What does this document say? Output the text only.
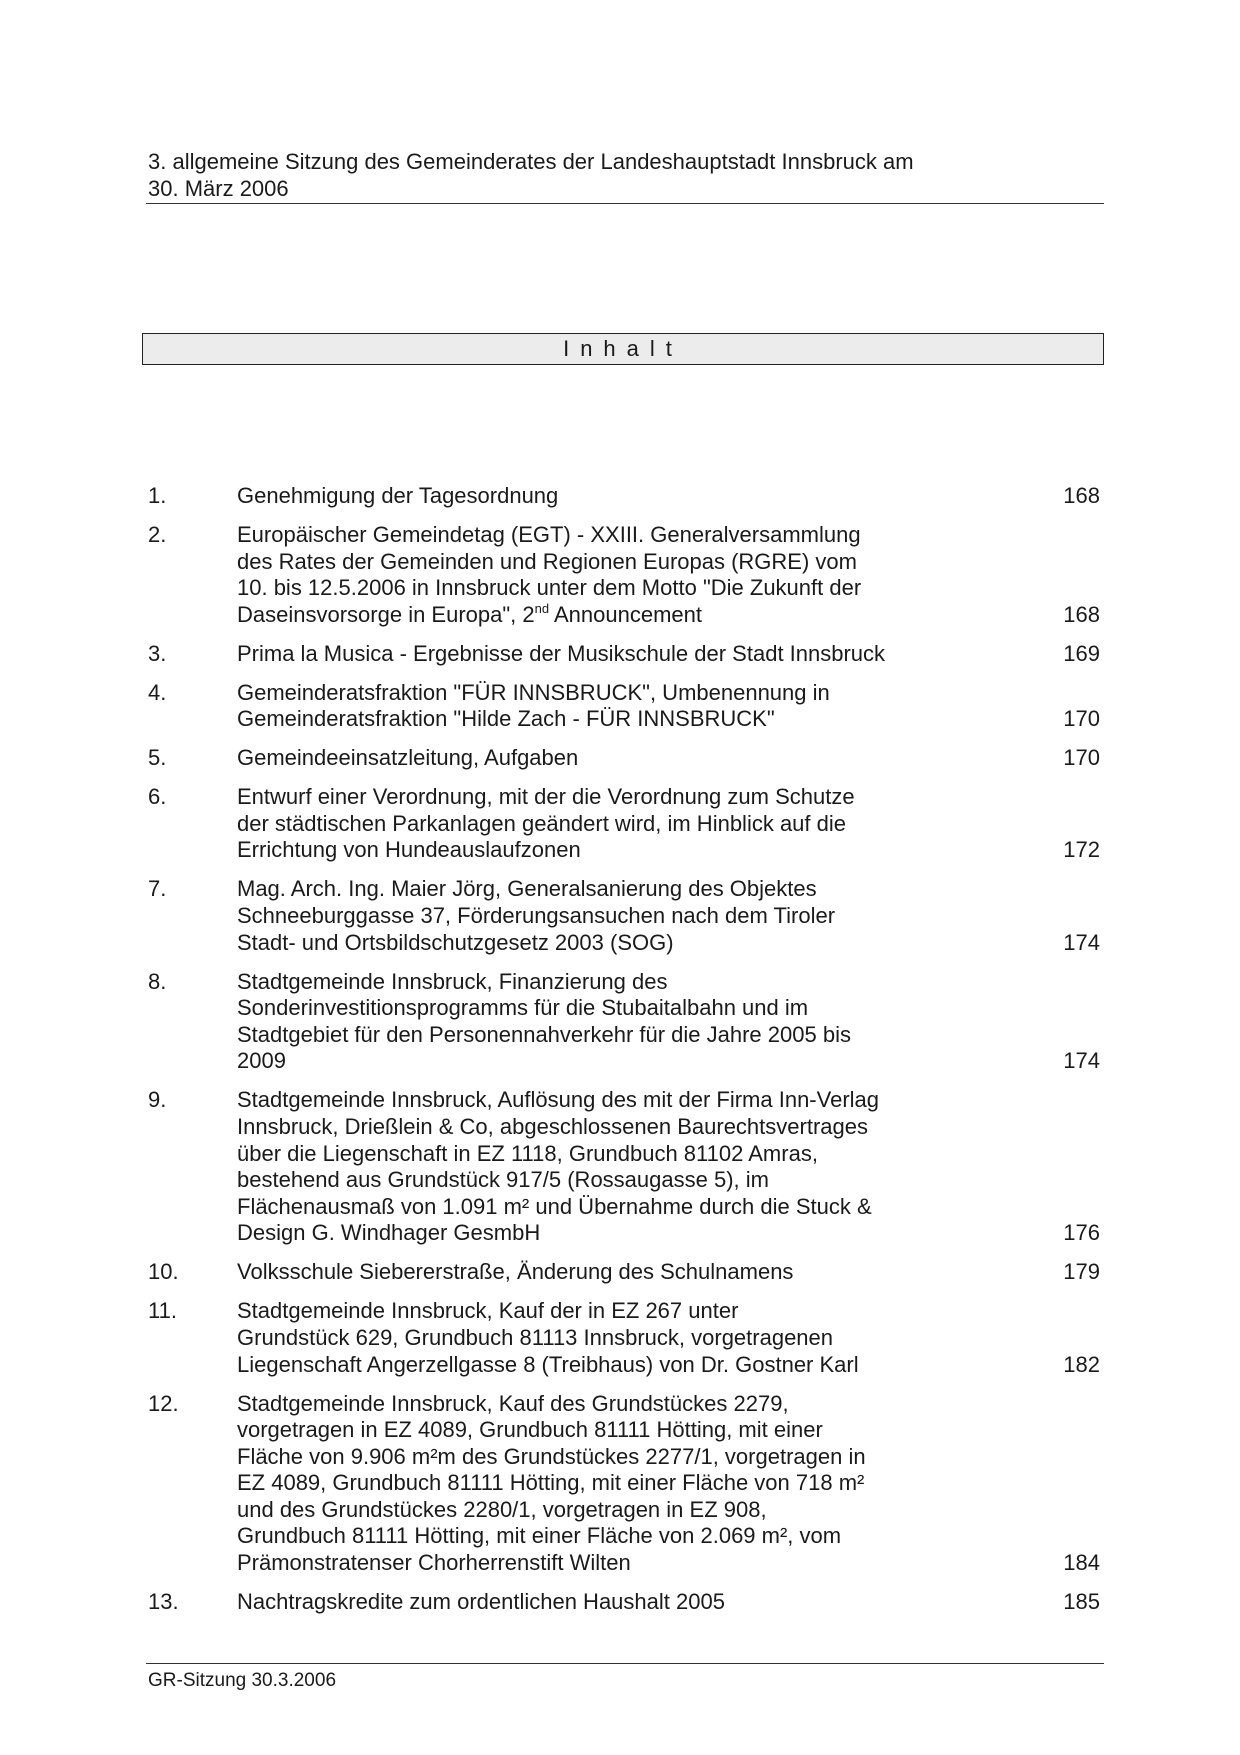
3. allgemeine Sitzung des Gemeinderates der Landeshauptstadt Innsbruck am
30. März 2006
Inhalt
1.	Genehmigung der Tagesordnung	168
2.	Europäischer Gemeindetag (EGT) - XXIII. Generalversammlung
des Rates der Gemeinden und Regionen Europas (RGRE) vom
10. bis 12.5.2006 in Innsbruck unter dem Motto "Die Zukunft der
Daseinsvorsorge in Europa", 2nd Announcement	168
3.	Prima la Musica - Ergebnisse der Musikschule der Stadt Innsbruck	169
4.	Gemeinderatsfraktion "FÜR INNSBRUCK", Umbenennung in
Gemeinderatsfraktion "Hilde Zach - FÜR INNSBRUCK"	170
5.	Gemeindeeinsatzleitung, Aufgaben	170
6.	Entwurf einer Verordnung, mit der die Verordnung zum Schutze
der städtischen Parkanlagen geändert wird, im Hinblick auf die
Errichtung von Hundeauslaufzonen	172
7.	Mag. Arch. Ing. Maier Jörg, Generalsanierung des Objektes
Schneeburggasse 37, Förderungsansuchen nach dem Tiroler
Stadt- und Ortsbildschutzgesetz 2003 (SOG)	174
8.	Stadtgemeinde Innsbruck, Finanzierung des
Sonderinvestitionsprogramms für die Stubaitalbahn und im
Stadtgebiet für den Personennahverkehr für die Jahre 2005 bis
2009	174
9.	Stadtgemeinde Innsbruck, Auflösung des mit der Firma Inn-Verlag
Innsbruck, Drießlein & Co, abgeschlossenen Baurechtsvertrages
über die Liegenschaft in EZ 1118, Grundbuch 81102 Amras,
bestehend aus Grundstück 917/5 (Rossaugasse 5), im
Flächenausmaß von 1.091 m² und Übernahme durch die Stuck &
Design G. Windhager GesmbH	176
10.	Volksschule Siebererstraße, Änderung des Schulnamens	179
11.	Stadtgemeinde Innsbruck, Kauf der in EZ 267 unter
Grundstück 629, Grundbuch 81113 Innsbruck, vorgetragenen
Liegenschaft Angerzellgasse 8 (Treibhaus) von Dr. Gostner Karl	182
12.	Stadtgemeinde Innsbruck, Kauf des Grundstückes 2279,
vorgetragen in EZ 4089, Grundbuch 81111 Hötting, mit einer
Fläche von 9.906 m²m des Grundstückes 2277/1, vorgetragen in
EZ 4089, Grundbuch 81111 Hötting, mit einer Fläche von 718 m²
und des Grundstückes 2280/1, vorgetragen in EZ 908,
Grundbuch 81111 Hötting, mit einer Fläche von 2.069 m², vom
Prämonstratenser Chorherrenstift Wilten	184
13.	Nachtragskredite zum ordentlichen Haushalt 2005	185
GR-Sitzung 30.3.2006
